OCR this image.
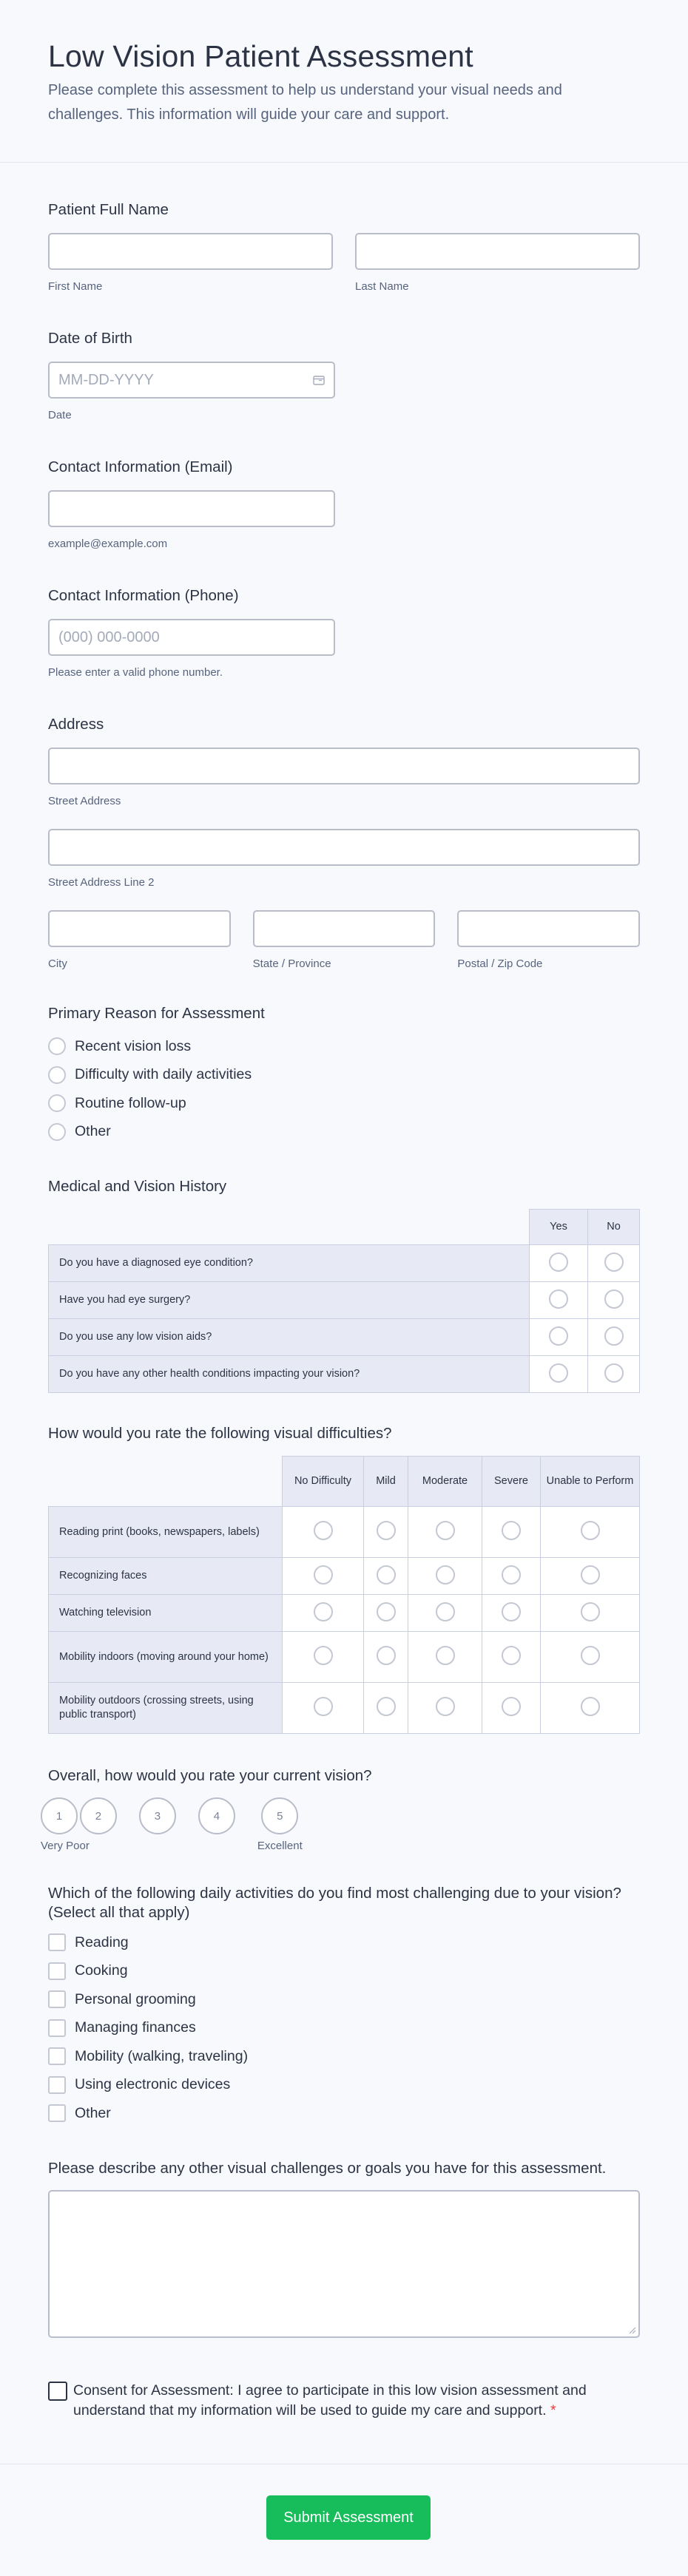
Low Vision Patient Assessment

Please complete this assessment to help us understand your visual needs and challenges. This information will guide your care and support.

Patient Full Name
First Name	Last Name
Date of Birth
MM-DD-YYYY
Date
Contact Information (Email)
example@example.com
Contact Information (Phone)
(000) 000-0000
Please enter a valid phone number.
Address
Street Address
Street Address Line 2
City	State / Province	Postal / Zip Code
Primary Reason for Assessment
Recent vision loss
Difficulty with daily activities
Routine follow-up
Other
Medical and Vision History
	Yes	No
Do you have a diagnosed eye condition?		
Have you had eye surgery?		
Do you use any low vision aids?		
Do you have any other health conditions impacting your vision?		
How would you rate the following visual difficulties?
	No Difficulty	Mild	Moderate	Severe	Unable to Perform
Reading print (books, newspapers, labels)					
Recognizing faces					
Watching television					
Mobility indoors (moving around your home)					
Mobility outdoors (crossing streets, using public transport)					
Overall, how would you rate your current vision?
1
Very Poor
2	3	4	5
Excellent
Which of the following daily activities do you find most challenging due to your vision? (Select all that apply)
Reading
Cooking
Personal grooming
Managing finances
Mobility (walking, traveling)
Using electronic devices
Other
Please describe any other visual challenges or goals you have for this assessment.
Consent for Assessment: I agree to participate in this low vision assessment and understand that my information will be used to guide my care and support. *
Submit Assessment
